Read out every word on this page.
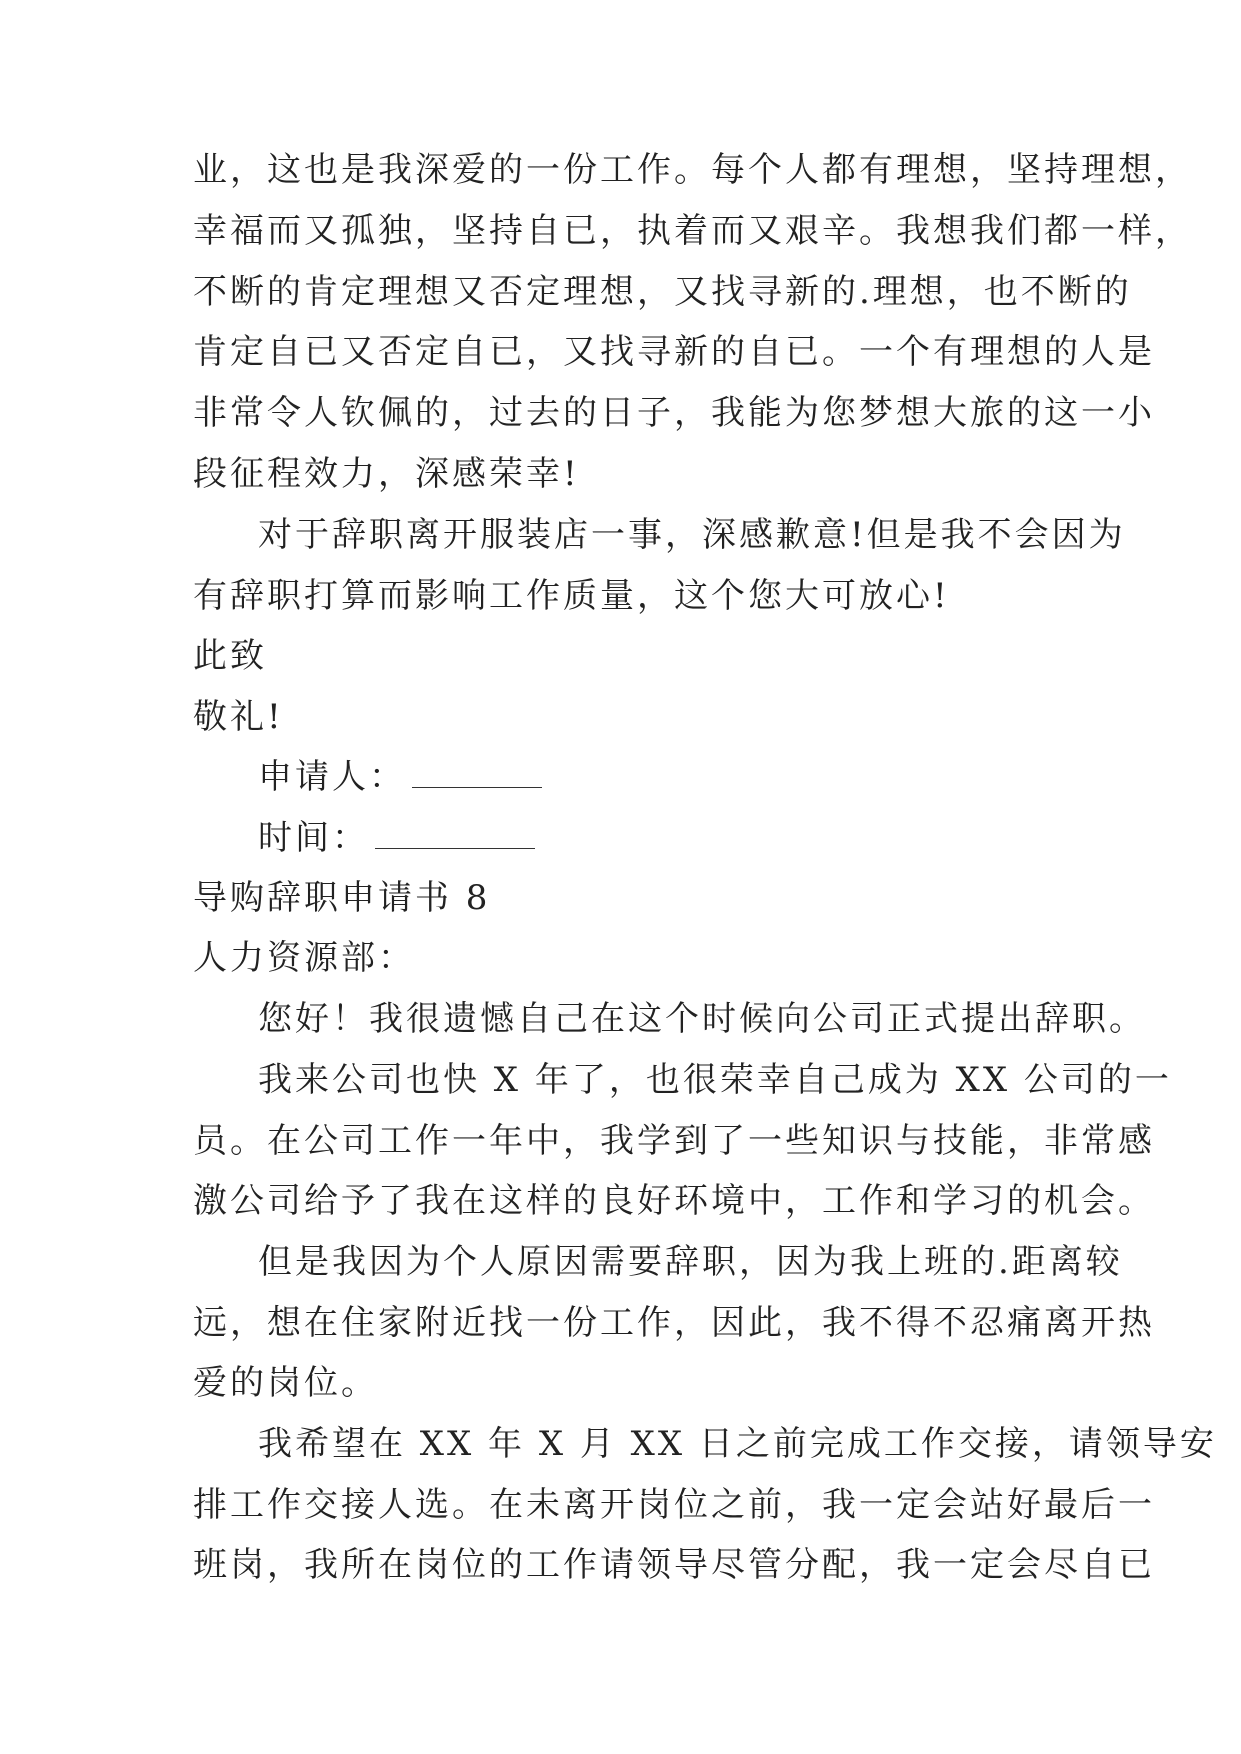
业，这也是我深爱的一份工作。每个人都有理想，坚持理想，
幸福而又孤独，坚持自已，执着而又艰辛。我想我们都一样，
不断的肯定理想又否定理想，又找寻新的.理想，也不断的
肯定自已又否定自已，又找寻新的自已。一个有理想的人是
非常令人钦佩的，过去的日子，我能为您梦想大旅的这一小
段征程效力，深感荣幸!
对于辞职离开服装店一事，深感歉意!但是我不会因为
有辞职打算而影响工作质量，这个您大可放心!
此致
敬礼!
申请人：
时间：
导购辞职申请书 8
人力资源部：
您好！我很遗憾自己在这个时候向公司正式提出辞职。
我来公司也快 X 年了，也很荣幸自己成为 XX 公司的一
员。在公司工作一年中，我学到了一些知识与技能，非常感
激公司给予了我在这样的良好环境中，工作和学习的机会。
但是我因为个人原因需要辞职，因为我上班的.距离较
远，想在住家附近找一份工作，因此，我不得不忍痛离开热
爱的岗位。
我希望在 XX 年 X 月 XX 日之前完成工作交接，请领导安
排工作交接人选。在未离开岗位之前，我一定会站好最后一
班岗，我所在岗位的工作请领导尽管分配，我一定会尽自已
